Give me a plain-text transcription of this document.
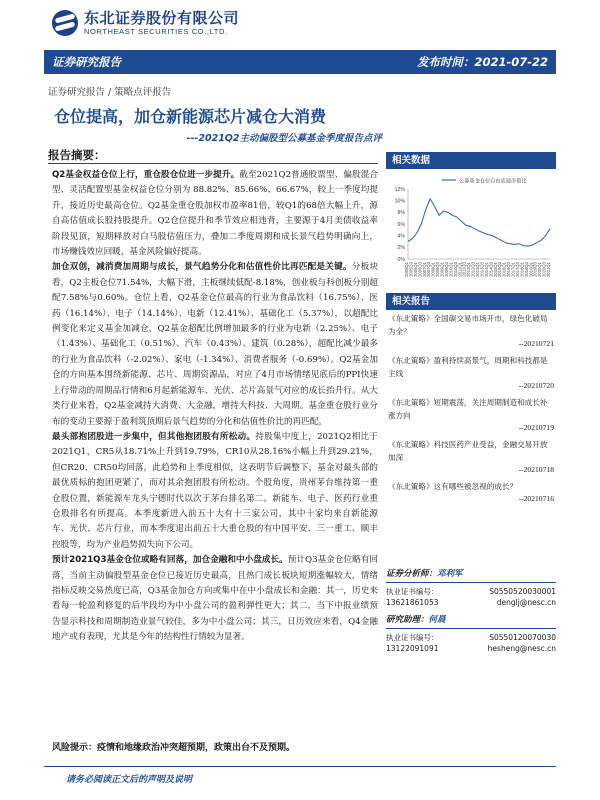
东北证券股份有限公司
NORTHEAST SECURITIES CO.,LTD.
证券研究报告	发布时间：2021-07-22
证券研究报告 / 策略点评报告
仓位提高，加仓新能源芯片减仓大消费
---2021Q2主动偏股型公募基金季度报告点评
报告摘要：

Q2基金权益仓位上行，重仓股仓位进一步提升。截至2021Q2普通股票型、偏股混合型、灵活配置型基金权益仓位分别为 88.82%、85.66%、66.67%，较上一季度均提升，接近历史最高仓位。Q2基金重仓股加权市盈率81倍，较Q1的68倍大幅上升，源自高估值成长股持股提升。Q2仓位提升和季节效应相违背，主要源于4月美债收益率阶段见顶，短期释放对白马股估值压力，叠加二季度周期和成长景气趋势明确向上，市场赚钱效应回暖，基金风险偏好提高。

加仓双创，减消费加周期与成长，景气趋势分化和估值性价比再匹配是关键。分板块看，Q2主板仓位71.54%，大幅下滑，主板继续低配-8.18%，创业板与科创板分别超配7.58%与0.60%。仓位上看，Q2基金仓位最高的行业为食品饮料（16.75%）、医药（16.14%）、电子（14.14%）、电新（12.41%）、基础化工（5.37%），以超配比例变化来定义基金加减仓，Q2基金超配比例增加最多的行业为电新（2.25%）、电子（1.43%）、基础化工（0.51%）、汽车（0.43%）、建筑（0.28%），超配比减少最多的行业为食品饮料（-2.02%）、家电（-1.34%）、消费者服务（-0.69%）。Q2基金加仓的方向基本围绕新能源、芯片、周期资源品，对应了4月市场情绪见底后的PPI快速上行带动的周期品行情和6月起新能源车、光伏、芯片高景气对应的成长抬升行。从大类行业来看，Q2基金减持大消费、大金融，增持大科技、大周期。基金重仓股行业分布的变动主要源于盈利筑顶期后景气趋势的分化和估值性价比的再匹配。

最头部抱团股进一步集中，但其他抱团股有所松动。持股集中度上，2021Q2相比于2021Q1，CR5从18.71%上升到19.79%，CR10从28.16%小幅上升到29.21%，但CR20、CR50均回落，此趋势和上季度相似，这表明节后调整下，基金对最头部的最优质标的抱团更紧了，而对其余抱团股有所松动。个股角度，贵州茅台维持第一重仓股位置，新能源车龙头宁德时代以次于茅台排名第二。新能车、电子、医药行业重仓股排名有所提高。本季度新进入前五十大有十三家公司，其中十家均来自新能源车、光伏、芯片行业，而本季度退出前五十大重仓股的有中国平安、三一重工、顺丰控股等，均为产业趋势损失向下公司。

预计2021Q3基金仓位或略有回落，加仓金融和中小盘成长。预计Q3基金仓位略有回落，当前主动偏股型基金仓位已接近历史最高，且热门成长板块短期涨幅较大，情绪指标反映交易热度已高，Q3基金加仓方向或集中在中小盘成长和金融：其一，历史来看每一轮盈利修复的后半段均为中小盘公司的盈利弹性更大；其二，当下中报业绩预告显示科技和周期制造业景气较佳，多为中小盘公司；其三，日历效应来看，Q4金融地产或有表现，尤其是今年的结构性行情较为显著。

相关数据
公募基金仓位自由流通市值比
0%
2%
4%
6%
8%
10%
12%
2005Q1 2005Q3 2006Q1 2006Q3 2007Q1 2007Q3 2008Q1 2008Q3 2009Q1 2009Q3 2010Q1 2010Q3 2011Q1 2011Q3 2012Q1 2012Q3 2013Q1 2013Q3 2014Q1 2014Q3 2015Q1 2015Q3 2016Q1 2016Q3 2017Q1 2017Q3 2018Q1 2018Q3 2019Q1 2019Q3 2020Q1 2020Q3 2021Q1
相关报告
《东北策略》全国碳交易市场开市，绿色化破局为全？
--20210721
《东北策略》盈利持续高景气，周期和科技都是主线
--20210720
《东北策略》短期震荡，关注周期制造和成长补涨方向
--20210719
《东北策略》科技医药产业受益，金融交易开放加深
--20210718
《东北策略》这有哪些被忽视的成长？
--20210716
证券分析师：邓利军
执业证书编号：	S0550520030001
13621861053	denglj@nesc.cn
研究助理：何晨
执业证书编号：	S0550120070030
13122091091	hesheng@nesc.cn
风险提示：疫情和地缘政治冲突超预期，政策出台不及预期。
请务必阅读正文后的声明及说明
